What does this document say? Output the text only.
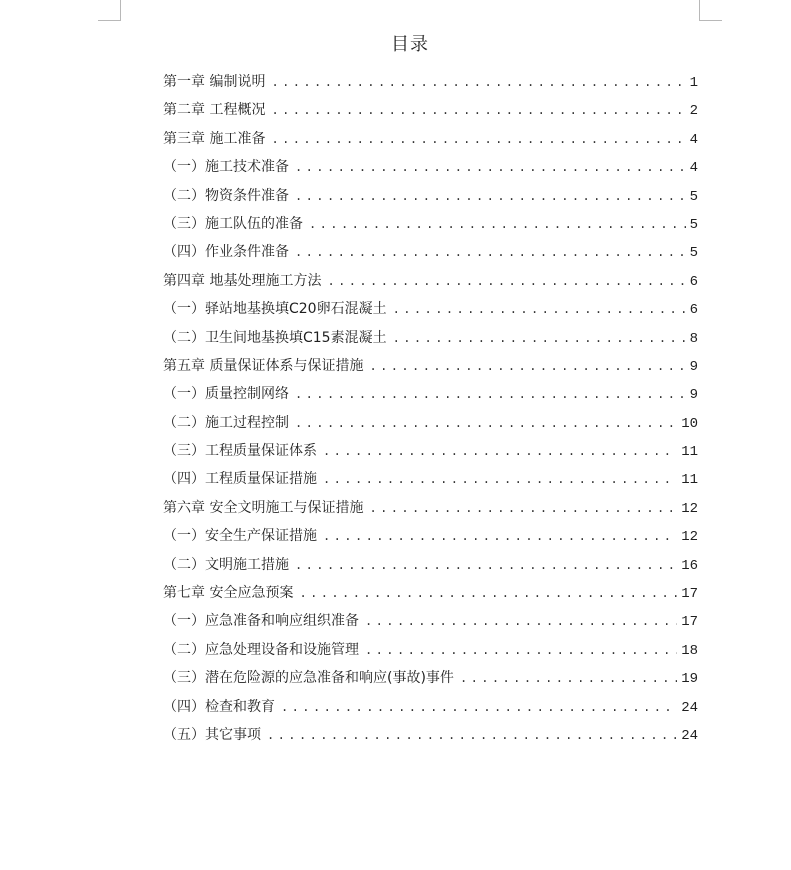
目录
第一章 编制说明 . . .	1
第二章 工程概况 . . .	2
第三章 施工准备 . . .	4
（一）施工技术准备 . . .	4
（二）物资条件准备 . . .	5
（三）施工队伍的准备 . . .	5
（四）作业条件准备 . . .	5
第四章 地基处理施工方法 . . .	6
（一）驿站地基换填C20卵石混凝土 . . .	6
（二）卫生间地基换填C15素混凝土 . . .	8
第五章 质量保证体系与保证措施 . . .	9
（一）质量控制网络 . . .	9
（二）施工过程控制 . . .	10
（三）工程质量保证体系 . . .	11
（四）工程质量保证措施 . . .	11
第六章 安全文明施工与保证措施 . . .	12
（一）安全生产保证措施 . . .	12
（二）文明施工措施 . . .	16
第七章 安全应急预案 . . .	17
（一）应急准备和响应组织准备 . . .	17
（二）应急处理设备和设施管理 . . .	18
（三）潜在危险源的应急准备和响应(事故)事件 . . .	19
（四）检查和教育 . . .	24
（五）其它事项 . . .	24
